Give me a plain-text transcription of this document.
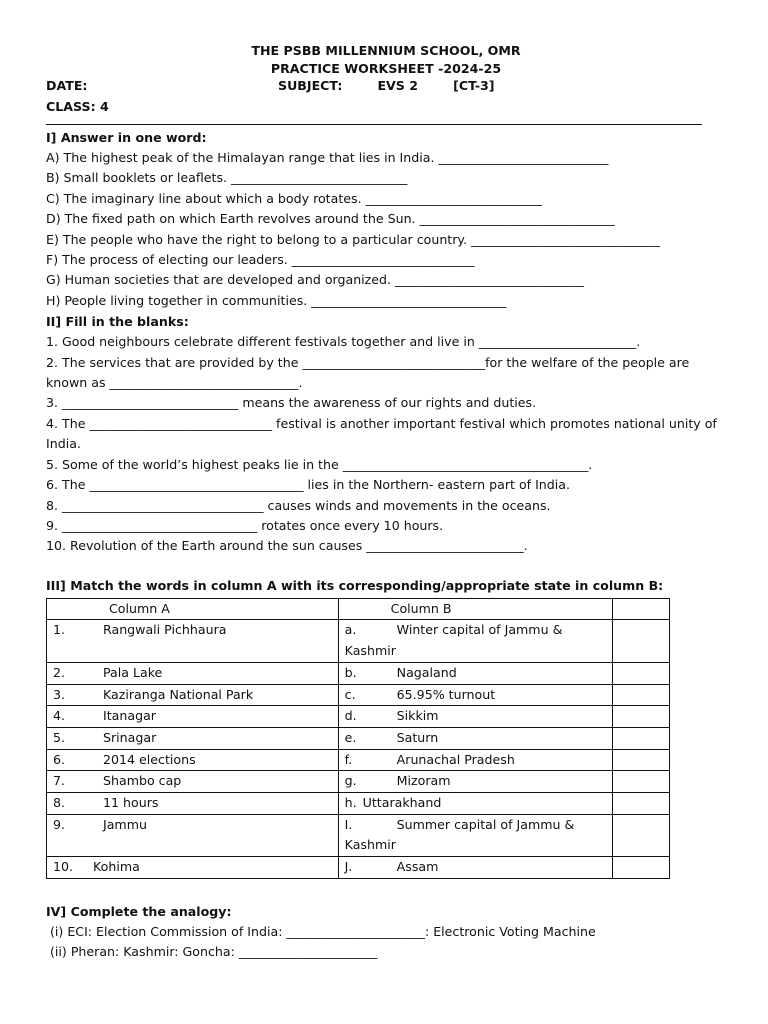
THE PSBB MILLENNIUM SCHOOL, OMR
PRACTICE WORKSHEET -2024-25
DATE:	SUBJECT:        EVS 2        [CT-3]
CLASS: 4
I] Answer in one word:
A) The highest peak of the Himalayan range that lies in India. ___________________________
B) Small booklets or leaflets. ____________________________
C) The imaginary line about which a body rotates. ____________________________
D) The fixed path on which Earth revolves around the Sun. _______________________________
E) The people who have the right to belong to a particular country. ______________________________
F) The process of electing our leaders. _____________________________
G) Human societies that are developed and organized. ______________________________
H) People living together in communities. _______________________________
II] Fill in the blanks:
1. Good neighbours celebrate different festivals together and live in _________________________.
2. The services that are provided by the _____________________________for the welfare of the people are known as ______________________________.
3. ____________________________ means the awareness of our rights and duties.
4. The _____________________________ festival is another important festival which promotes national unity of India.
5. Some of the world’s highest peaks lie in the _______________________________________.
6. The __________________________________ lies in the Northern- eastern part of India.
8. ________________________________ causes winds and movements in the oceans.
9. _______________________________ rotates once every 10 hours.
10. Revolution of the Earth around the sun causes _________________________.
III] Match the words in column A with its corresponding/appropriate state in column B:
Column A	Column B	
1. Rangwali Pichhaura	a. Winter capital of Jammu & Kashmir	
2. Pala Lake	b. Nagaland	
3. Kaziranga National Park	c. 65.95% turnout	
4. Itanagar	d. Sikkim	
5. Srinagar	e. Saturn	
6. 2014 elections	f. Arunachal Pradesh	
7. Shambo cap	g. Mizoram	
8. 11 hours	h. Uttarakhand	
9. Jammu	I. Summer capital of Jammu & Kashmir	
10. Kohima	J. Assam	
IV] Complete the analogy:
(i) ECI: Election Commission of India: ______________________: Electronic Voting Machine
(ii) Pheran: Kashmir: Goncha: ______________________
